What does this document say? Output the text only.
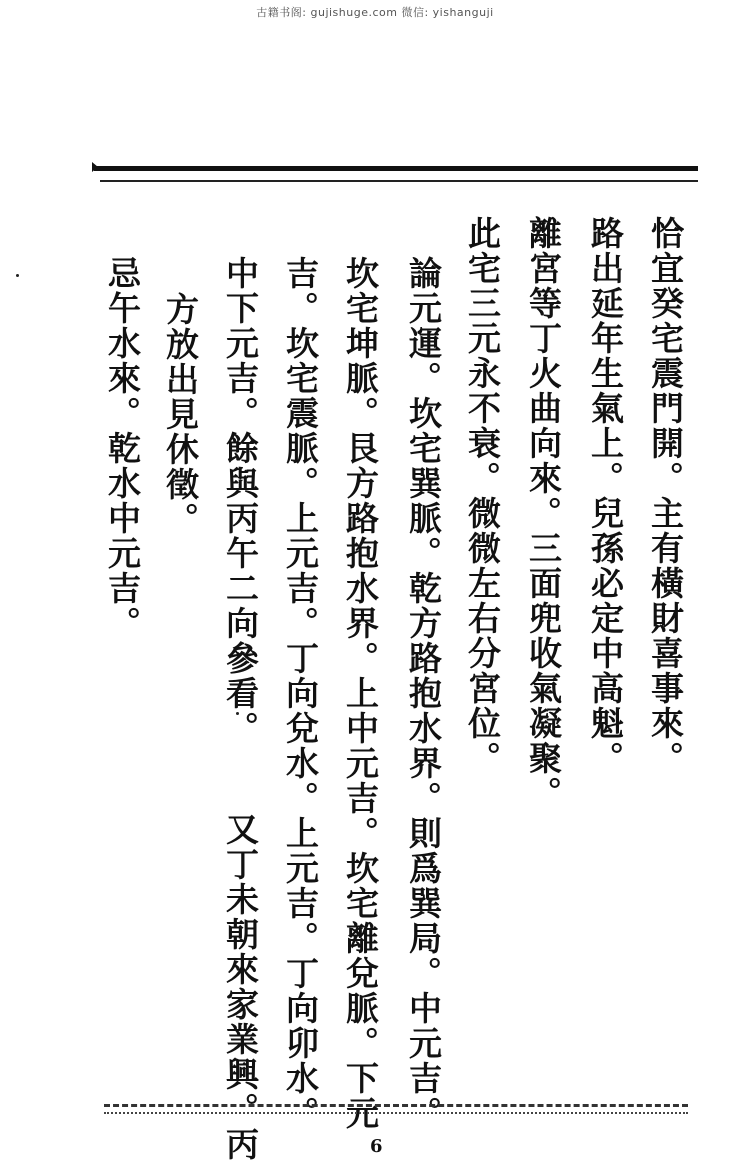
古籍书阁: gujishuge.com 微信: yishanguji
恰宜癸宅震門開。主有橫財喜事來。
路出延年生氣上。兒孫必定中高魁。
離宮等丁火曲向來。三面兜收氣凝聚。
此宅三元永不衰。微微左右分宮位。
論元運。坎宅巽脈。乾方路抱水界。則爲巽局。中元吉。
坎宅坤脈。艮方路抱水界。上中元吉。坎宅離兌脈。下元
吉。坎宅震脈。上元吉。丁向兌水。上元吉。丁向卯水。
中下元吉。餘與丙午二向參看。
方放出見休徵。
忌午水來。乾水中元吉。
又丁未朝來家業興。丙	6
